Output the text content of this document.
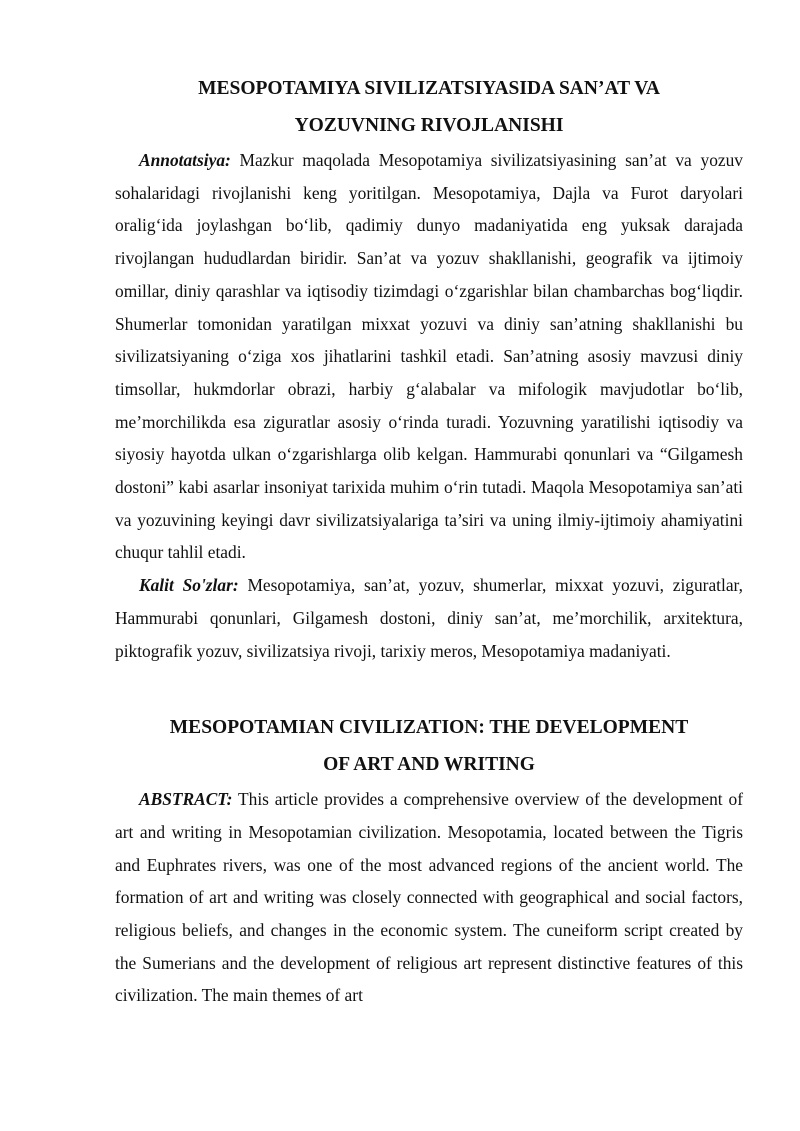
MESOPOTAMIYA SIVILIZATSIYASIDA SAN’AT VA
YOZUVNING RIVOJLANISHI

Annotatsiya: Mazkur maqolada Mesopotamiya sivilizatsiyasining san’at va yozuv sohalaridagi rivojlanishi keng yoritilgan. Mesopotamiya, Dajla va Furot daryolari oralig‘ida joylashgan bo‘lib, qadimiy dunyo madaniyatida eng yuksak darajada rivojlangan hududlardan biridir. San’at va yozuv shakllanishi, geografik va ijtimoiy omillar, diniy qarashlar va iqtisodiy tizimdagi o‘zgarishlar bilan chambarchas bog‘liqdir. Shumerlar tomonidan yaratilgan mixxat yozuvi va diniy san’atning shakllanishi bu sivilizatsiyaning o‘ziga xos jihatlarini tashkil etadi. San’atning asosiy mavzusi diniy timsollar, hukmdorlar obrazi, harbiy g‘alabalar va mifologik mavjudotlar bo‘lib, me’morchilikda esa ziguratlar asosiy o‘rinda turadi. Yozuvning yaratilishi iqtisodiy va siyosiy hayotda ulkan o‘zgarishlarga olib kelgan. Hammurabi qonunlari va “Gilgamesh dostoni” kabi asarlar insoniyat tarixida muhim o‘rin tutadi. Maqola Mesopotamiya san’ati va yozuvining keyingi davr sivilizatsiyalariga ta’siri va uning ilmiy-ijtimoiy ahamiyatini chuqur tahlil etadi.

Kalit So'zlar: Mesopotamiya, san’at, yozuv, shumerlar, mixxat yozuvi, ziguratlar, Hammurabi qonunlari, Gilgamesh dostoni, diniy san’at, me’morchilik, arxitektura, piktografik yozuv, sivilizatsiya rivoji, tarixiy meros, Mesopotamiya madaniyati.

MESOPOTAMIAN CIVILIZATION: THE DEVELOPMENT
OF ART AND WRITING

ABSTRACT: This article provides a comprehensive overview of the development of art and writing in Mesopotamian civilization. Mesopotamia, located between the Tigris and Euphrates rivers, was one of the most advanced regions of the ancient world. The formation of art and writing was closely connected with geographical and social factors, religious beliefs, and changes in the economic system. The cuneiform script created by the Sumerians and the development of religious art represent distinctive features of this civilization. The main themes of art
